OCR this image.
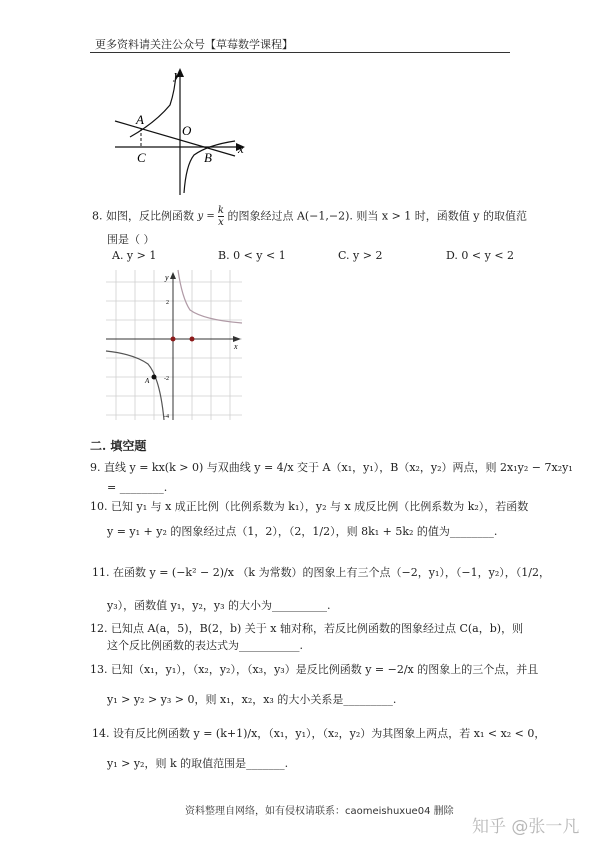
更多资料请关注公众号【草莓数学课程】
y
A
O
C	B
x
8. 如图，反比例函数 $y = \frac{k}{x}$ 的图象经过点 A(−1,−2). 则当 x > 1 时，函数值 y 的取值范
围是（ ）
A. y > 1	B. 0 < y < 1	C. y > 2	D. 0 < y < 2
y
x
2
-2
-4
A
二. 填空题
9. 直线 y = kx(k > 0) 与双曲线 y = 4/x 交于 A（x₁，y₁），B（x₂，y₂）两点，则 2x₁y₂ − 7x₂y₁
= ________.
10. 已知 y₁ 与 x 成正比例（比例系数为 k₁），y₂ 与 x 成反比例（比例系数为 k₂），若函数
y = y₁ + y₂ 的图象经过点（1，2），（2，1/2），则 8k₁ + 5k₂ 的值为________.
11. 在函数 y = (−k² − 2)/x （k 为常数）的图象上有三个点（−2，y₁），（−1，y₂），（1/2，
y₃），函数值 y₁，y₂，y₃ 的大小为__________.
12. 已知点 A(a，5)，B(2，b) 关于 x 轴对称，若反比例函数的图象经过点 C(a，b)，则
这个反比例函数的表达式为___________.
13. 已知（x₁，y₁），（x₂，y₂），（x₃，y₃）是反比例函数 y = −2/x 的图象上的三个点，并且
y₁ > y₂ > y₃ > 0，则 x₁，x₂，x₃ 的大小关系是_________.
14. 设有反比例函数 y = (k+1)/x，（x₁，y₁），（x₂，y₂）为其图象上两点，若 x₁ < x₂ < 0，
y₁ > y₂，则 k 的取值范围是_______.
资料整理自网络，如有侵权请联系：caomeishuxue04 删除
知乎 @张一凡
